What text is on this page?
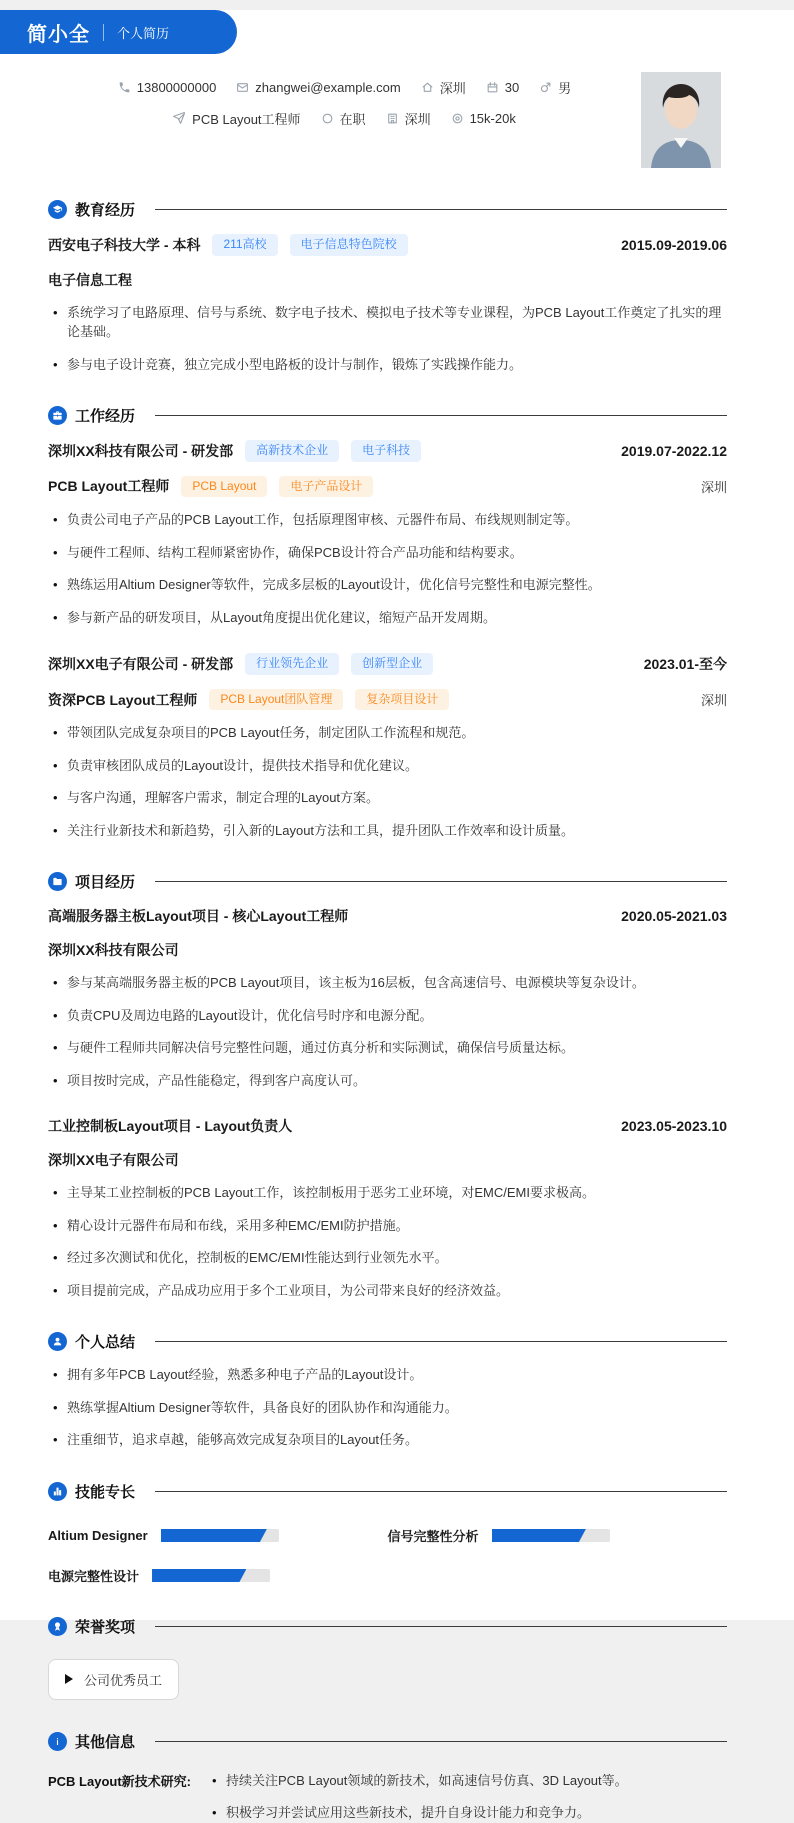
简小全 个人简历
13800000000	zhangwei@example.com	深圳	30	男
PCB Layout工程师	在职	深圳	15k-20k
教育经历
西安电子科技大学 - 本科	211高校	电子信息特色院校	2015.09-2019.06
电子信息工程
• 系统学习了电路原理、信号与系统、数字电子技术、模拟电子技术等专业课程，为PCB Layout工作奠定了扎实的理论基础。
• 参与电子设计竞赛，独立完成小型电路板的设计与制作，锻炼了实践操作能力。
工作经历
深圳XX科技有限公司 - 研发部	高新技术企业	电子科技	2019.07-2022.12
PCB Layout工程师	PCB Layout	电子产品设计	深圳
• 负责公司电子产品的PCB Layout工作，包括原理图审核、元器件布局、布线规则制定等。
• 与硬件工程师、结构工程师紧密协作，确保PCB设计符合产品功能和结构要求。
• 熟练运用Altium Designer等软件，完成多层板的Layout设计，优化信号完整性和电源完整性。
• 参与新产品的研发项目，从Layout角度提出优化建议，缩短产品开发周期。
深圳XX电子有限公司 - 研发部	行业领先企业	创新型企业	2023.01-至今
资深PCB Layout工程师	PCB Layout团队管理	复杂项目设计	深圳
• 带领团队完成复杂项目的PCB Layout任务，制定团队工作流程和规范。
• 负责审核团队成员的Layout设计，提供技术指导和优化建议。
• 与客户沟通，理解客户需求，制定合理的Layout方案。
• 关注行业新技术和新趋势，引入新的Layout方法和工具，提升团队工作效率和设计质量。
项目经历
高端服务器主板Layout项目 - 核心Layout工程师	2020.05-2021.03
深圳XX科技有限公司
• 参与某高端服务器主板的PCB Layout项目，该主板为16层板，包含高速信号、电源模块等复杂设计。
• 负责CPU及周边电路的Layout设计，优化信号时序和电源分配。
• 与硬件工程师共同解决信号完整性问题，通过仿真分析和实际测试，确保信号质量达标。
• 项目按时完成，产品性能稳定，得到客户高度认可。
工业控制板Layout项目 - Layout负责人	2023.05-2023.10
深圳XX电子有限公司
• 主导某工业控制板的PCB Layout工作，该控制板用于恶劣工业环境，对EMC/EMI要求极高。
• 精心设计元器件布局和布线，采用多种EMC/EMI防护措施。
• 经过多次测试和优化，控制板的EMC/EMI性能达到行业领先水平。
• 项目提前完成，产品成功应用于多个工业项目，为公司带来良好的经济效益。
个人总结
• 拥有多年PCB Layout经验，熟悉多种电子产品的Layout设计。
• 熟练掌握Altium Designer等软件，具备良好的团队协作和沟通能力。
• 注重细节，追求卓越，能够高效完成复杂项目的Layout任务。
技能专长
Altium Designer	信号完整性分析
电源完整性设计
荣誉奖项
公司优秀员工
其他信息
PCB Layout新技术研究:	• 持续关注PCB Layout领域的新技术，如高速信号仿真、3D Layout等。
• 积极学习并尝试应用这些新技术，提升自身设计能力和竞争力。
